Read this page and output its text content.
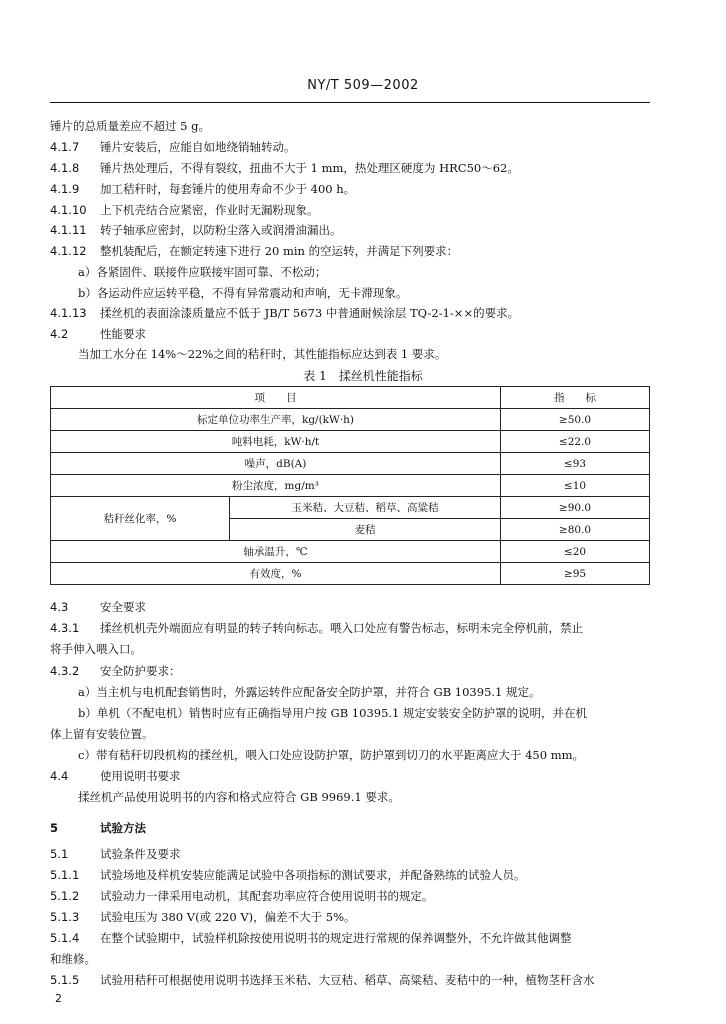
NY/T 509—2002
锤片的总质量差应不超过 5 g。
4.1.7 锤片安装后，应能自如地绕销轴转动。
4.1.8 锤片热处理后，不得有裂纹，扭曲不大于 1 mm，热处理区硬度为 HRC50～62。
4.1.9 加工秸秆时，每套锤片的使用寿命不少于 400 h。
4.1.10 上下机壳结合应紧密，作业时无漏粉现象。
4.1.11 转子轴承应密封，以防粉尘落入或润滑油漏出。
4.1.12 整机装配后，在额定转速下进行 20 min 的空运转，并满足下列要求：
a）各紧固件、联接件应联接牢固可靠、不松动；
b）各运动件应运转平稳，不得有异常震动和声响，无卡滞现象。
4.1.13 揉丝机的表面涂漆质量应不低于 JB/T 5673 中普通耐候涂层 TQ-2-1-××的要求。
4.2	性能要求
当加工水分在 14%～22%之间的秸秆时，其性能指标应达到表 1 要求。
表 1　揉丝机性能指标
项　　目		指　　标
标定单位功率生产率，kg/(kW·h)		≥50.0
吨料电耗，kW·h/t		≤22.0
噪声，dB(A)		≤93
粉尘浓度，mg/m³		≤10
秸秆丝化率，%	玉米秸、大豆秸、稻草、高粱秸	≥90.0
	麦秸	≥80.0
轴承温升，℃		≤20
有效度，%		≥95
4.3	安全要求
4.3.1 揉丝机机壳外端面应有明显的转子转向标志。喂入口处应有警告标志，标明未完全停机前，禁止
将手伸入喂入口。
4.3.2 安全防护要求：
a）当主机与电机配套销售时，外露运转件应配备安全防护罩，并符合 GB 10395.1 规定。
b）单机（不配电机）销售时应有正确指导用户按 GB 10395.1 规定安装安全防护罩的说明，并在机
体上留有安装位置。
c）带有秸秆切段机构的揉丝机，喂入口处应设防护罩，防护罩到切刀的水平距离应大于 450 mm。
4.4	使用说明书要求
揉丝机产品使用说明书的内容和格式应符合 GB 9969.1 要求。
5	试验方法
5.1	试验条件及要求
5.1.1 试验场地及样机安装应能满足试验中各项指标的测试要求，并配备熟练的试验人员。
5.1.2 试验动力一律采用电动机，其配套功率应符合使用说明书的规定。
5.1.3 试验电压为 380 V(或 220 V)，偏差不大于 5%。
5.1.4 在整个试验期中，试验样机除按使用说明书的规定进行常规的保养调整外，不允许做其他调整
和维修。
5.1.5 试验用秸秆可根据使用说明书选择玉米秸、大豆秸、稻草、高粱秸、麦秸中的一种，植物茎秆含水
2
